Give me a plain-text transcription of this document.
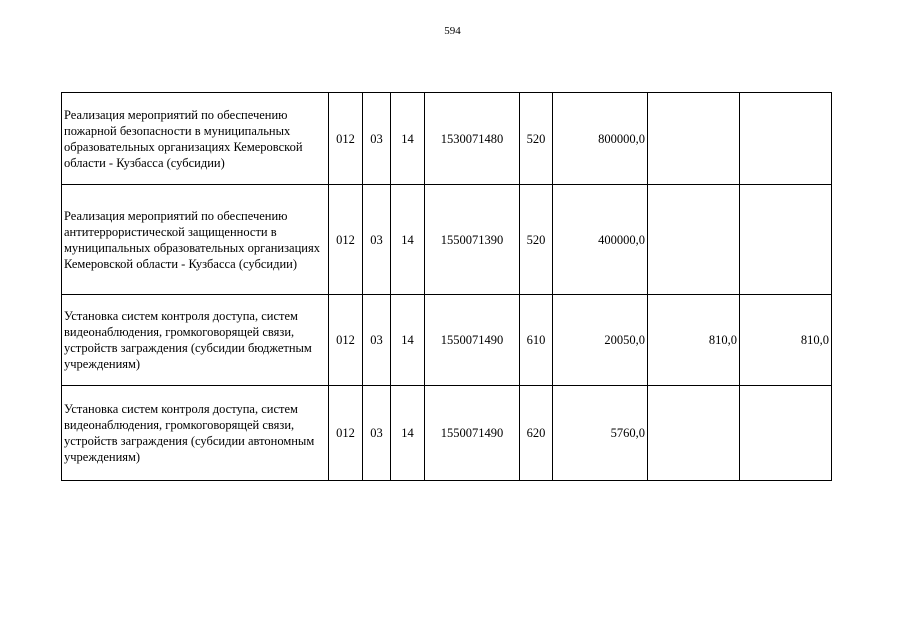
594
Реализация мероприятий по обеспечению пожарной безопасности в муниципальных образовательных организациях Кемеровской области - Кузбасса (субсидии)	012	03	14	1530071480	520	800000,0		
Реализация мероприятий по обеспечению антитеррористической защищенности в муниципальных образовательных организациях Кемеровской области - Кузбасса (субсидии)	012	03	14	1550071390	520	400000,0		
Установка систем контроля доступа, систем видеонаблюдения, громкоговорящей связи, устройств заграждения (субсидии бюджетным учреждениям)	012	03	14	1550071490	610	20050,0	810,0	810,0
Установка систем контроля доступа, систем видеонаблюдения, громкоговорящей связи, устройств заграждения (субсидии автономным учреждениям)	012	03	14	1550071490	620	5760,0		
